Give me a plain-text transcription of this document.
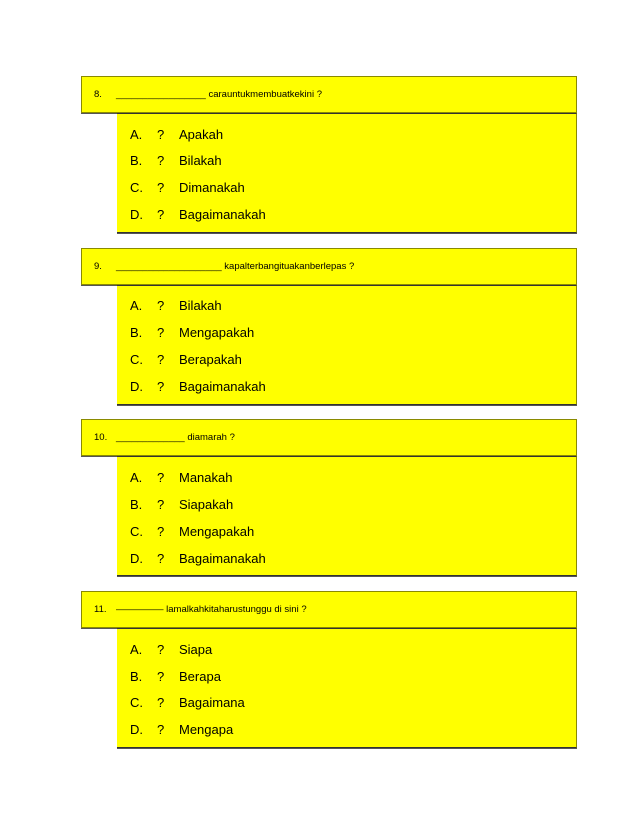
8.	_________________ carauntukmembuatkekini ?
A.	? Apakah
B.	? Bilakah
C.	? Dimanakah
D.	? Bagaimanakah
9.	____________________ kapalterbangituakanberlepas ?
A.	? Bilakah
B.	? Mengapakah
C.	? Berapakah
D.	? Bagaimanakah
10. _____________ diamarah ?
A.	? Manakah
B.	? Siapakah
C.	? Mengapakah
D.	? Bagaimanakah
11. ————— lamalkahkitaharustunggu di sini ?
A.	? Siapa
B.	? Berapa
C.	? Bagaimana
D.	? Mengapa
